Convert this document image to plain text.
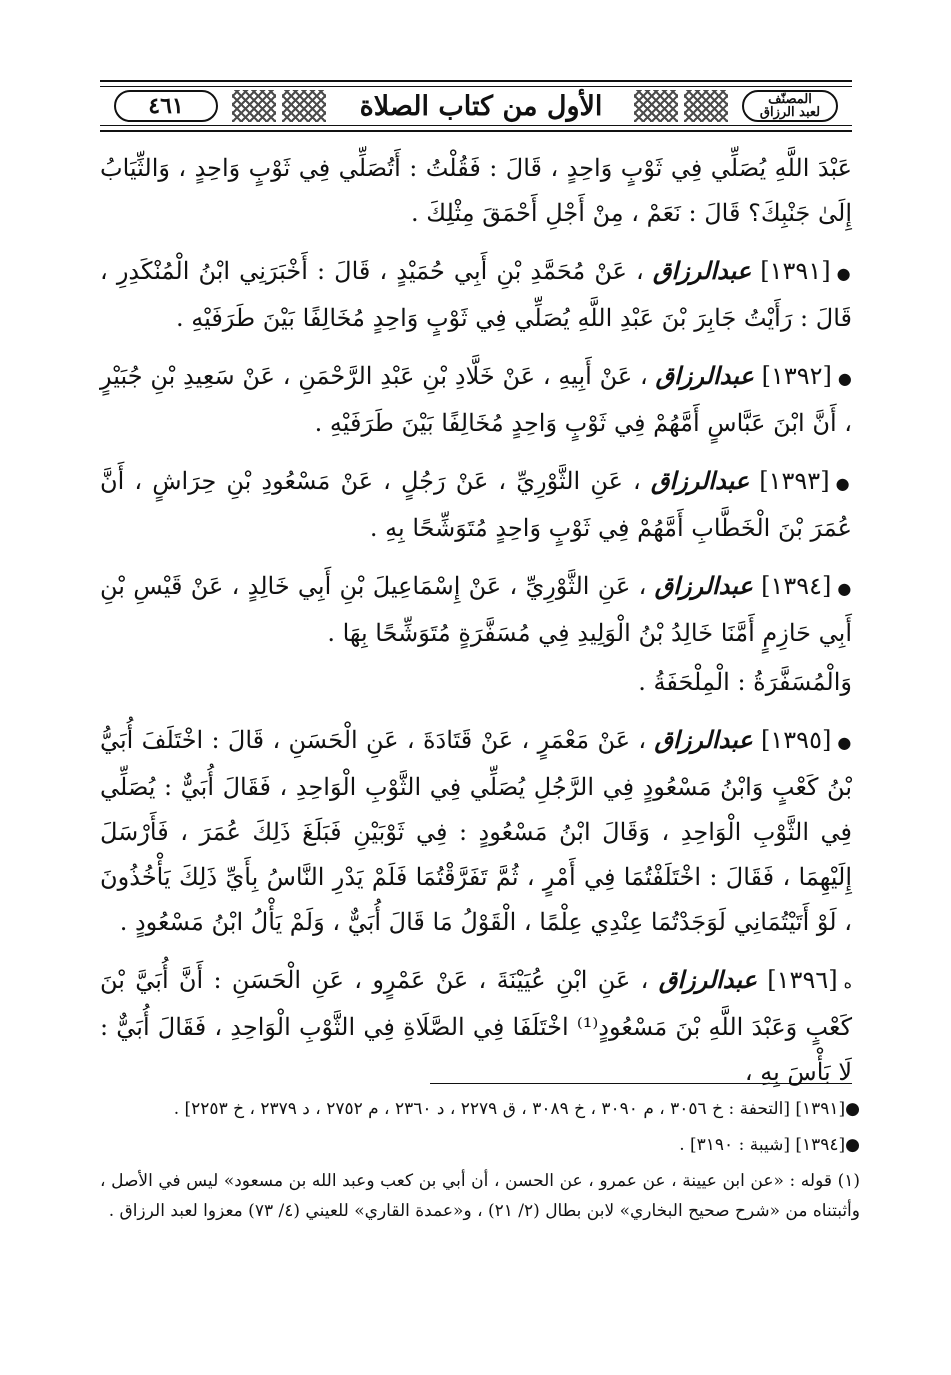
٤٦١	الأول من كتاب الصلاة	المصنّف
لعبد الرزاق

عَبْدَ اللَّهِ يُصَلِّي فِي ثَوْبٍ وَاحِدٍ ، قَالَ : فَقُلْتُ : أَتُصَلِّي فِي ثَوْبٍ وَاحِدٍ ، وَالثِّيَابُ إِلَىٰ جَنْبِكَ؟ قَالَ : نَعَمْ ، مِنْ أَجْلِ أَحْمَقَ مِثْلِكَ .

●[١٣٩١] عبدالرزاق ، عَنْ مُحَمَّدِ بْنِ أَبِي حُمَيْدٍ ، قَالَ : أَخْبَرَنِي ابْنُ الْمُنْكَدِرِ ، قَالَ : رَأَيْتُ جَابِرَ بْنَ عَبْدِ اللَّهِ يُصَلِّي فِي ثَوْبٍ وَاحِدٍ مُخَالِفًا بَيْنَ طَرَفَيْهِ .

●[١٣٩٢] عبدالرزاق ، عَنْ أَبِيهِ ، عَنْ خَلَّادِ بْنِ عَبْدِ الرَّحْمَنِ ، عَنْ سَعِيدِ بْنِ جُبَيْرٍ ، أَنَّ ابْنَ عَبَّاسٍ أَمَّهُمْ فِي ثَوْبٍ وَاحِدٍ مُخَالِفًا بَيْنَ طَرَفَيْهِ .

●[١٣٩٣] عبدالرزاق ، عَنِ الثَّوْرِيِّ ، عَنْ رَجُلٍ ، عَنْ مَسْعُودِ بْنِ حِرَاشٍ ، أَنَّ عُمَرَ بْنَ الْخَطَّابِ أَمَّهُمْ فِي ثَوْبٍ وَاحِدٍ مُتَوَشِّحًا بِهِ .

●[١٣٩٤] عبدالرزاق ، عَنِ الثَّوْرِيِّ ، عَنْ إِسْمَاعِيلَ بْنِ أَبِي خَالِدٍ ، عَنْ قَيْسِ بْنِ أَبِي حَازِمٍ أَمَّنَا خَالِدُ بْنُ الْوَلِيدِ فِي مُسَفَّرَةٍ مُتَوَشِّحًا بِهَا .

وَالْمُسَفَّرَةُ : الْمِلْحَفَةُ .

●[١٣٩٥] عبدالرزاق ، عَنْ مَعْمَرٍ ، عَنْ قَتَادَةَ ، عَنِ الْحَسَنِ ، قَالَ : اخْتَلَفَ أُبَيُّ بْنُ كَعْبٍ وَابْنُ مَسْعُودٍ فِي الرَّجُلِ يُصَلِّي فِي الثَّوْبِ الْوَاحِدِ ، فَقَالَ أُبَيٌّ : يُصَلِّي فِي الثَّوْبِ الْوَاحِدِ ، وَقَالَ ابْنُ مَسْعُودٍ : فِي ثَوْبَيْنِ فَبَلَغَ ذَلِكَ عُمَرَ ، فَأَرْسَلَ إِلَيْهِمَا ، فَقَالَ : اخْتَلَفْتُمَا فِي أَمْرٍ ، ثُمَّ تَفَرَّقْتُمَا فَلَمْ يَدْرِ النَّاسُ بِأَيِّ ذَلِكَ يَأْخُذُونَ ، لَوْ أَتَيْتُمَانِي لَوَجَدْتُمَا عِنْدِي عِلْمًا ، الْقَوْلُ مَا قَالَ أُبَيٌّ ، وَلَمْ يَأْلُ ابْنُ مَسْعُودٍ .

ه[١٣٩٦] عبدالرزاق ، عَنِ ابْنِ عُيَيْنَةَ ، عَنْ عَمْرٍو ، عَنِ الْحَسَنِ : أَنَّ أُبَيَّ بْنَ كَعْبٍ وَعَبْدَ اللَّهِ بْنَ مَسْعُودٍ⁽¹⁾ اخْتَلَفَا فِي الصَّلَاةِ فِي الثَّوْبِ الْوَاحِدِ ، فَقَالَ أُبَيٌّ : لَا بَأْسَ بِهِ ،

●[١٣٩١] [التحفة : خ ٣٠٥٦ ، م ٣٠٩٠ ، خ ٣٠٨٩ ، ق ٢٢٧٩ ، د ٢٣٦٠ ، م ٢٧٥٢ ، د ٢٣٧٩ ، خ ٢٢٥٣] .

●[١٣٩٤] [شيبة : ٣١٩٠] .

(١) قوله : «عن ابن عيينة ، عن عمرو ، عن الحسن ، أن أبي بن كعب وعبد الله بن مسعود» ليس في الأصل ، وأثبتناه من «شرح صحيح البخاري» لابن بطال (٢/ ٢١) ، و«عمدة القاري» للعيني (٤/ ٧٣) معزوا لعبد الرزاق .
